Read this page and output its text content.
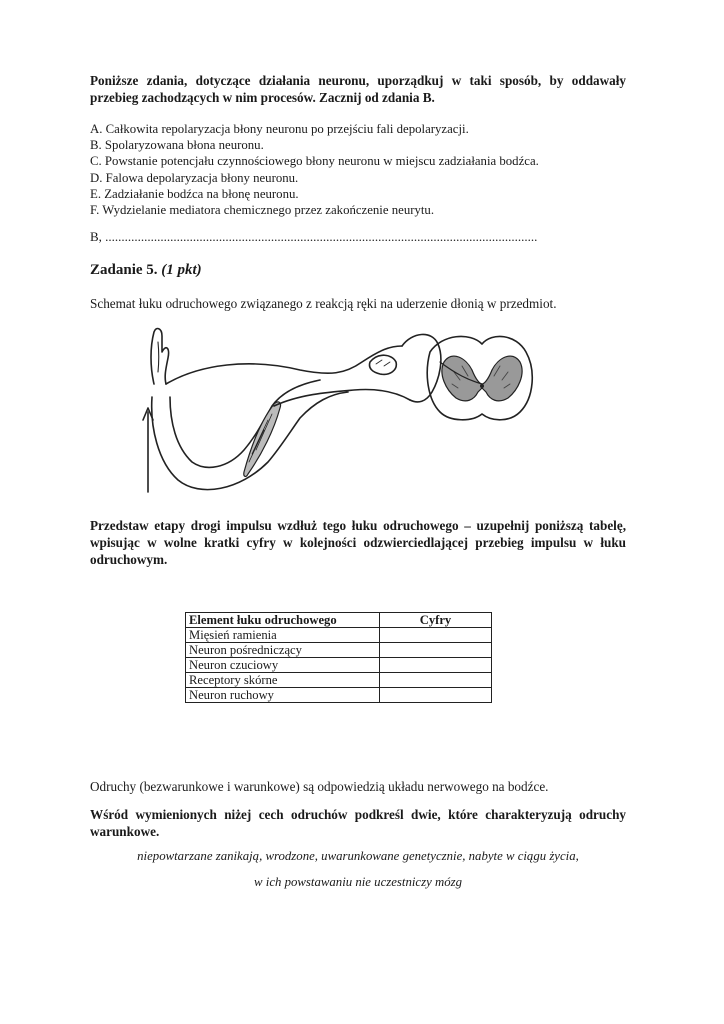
Poniższe zdania, dotyczące działania neuronu, uporządkuj w taki sposób, by oddawały przebieg zachodzących w nim procesów. Zacznij od zdania B.
A. Całkowita repolaryzacja błony neuronu po przejściu fali depolaryzacji.
B. Spolaryzowana błona neuronu.
C. Powstanie potencjału czynnościowego błony neuronu w miejscu zadziałania bodźca.
D. Falowa depolaryzacja błony neuronu.
E. Zadziałanie bodźca na błonę neuronu.
F. Wydzielanie mediatora chemicznego przez zakończenie neurytu.
B, .....................................................................................................................................
Zadanie 5. (1 pkt)
Schemat łuku odruchowego związanego z reakcją ręki na uderzenie dłonią w przedmiot.
Przedstaw etapy drogi impulsu wzdłuż tego łuku odruchowego – uzupełnij poniższą tabelę, wpisując w wolne kratki cyfry w kolejności odzwierciedlającej przebieg impulsu w łuku odruchowym.
Element łuku odruchowego	Cyfry
Mięsień ramienia	
Neuron pośredniczący	
Neuron czuciowy	
Receptory skórne	
Neuron ruchowy	
Odruchy (bezwarunkowe i warunkowe) są odpowiedzią układu nerwowego na bodźce.
Wśród wymienionych niżej cech odruchów podkreśl dwie, które charakteryzują odruchy warunkowe.
niepowtarzane zanikają, wrodzone, uwarunkowane genetycznie, nabyte w ciągu życia,
w ich powstawaniu nie uczestniczy mózg
